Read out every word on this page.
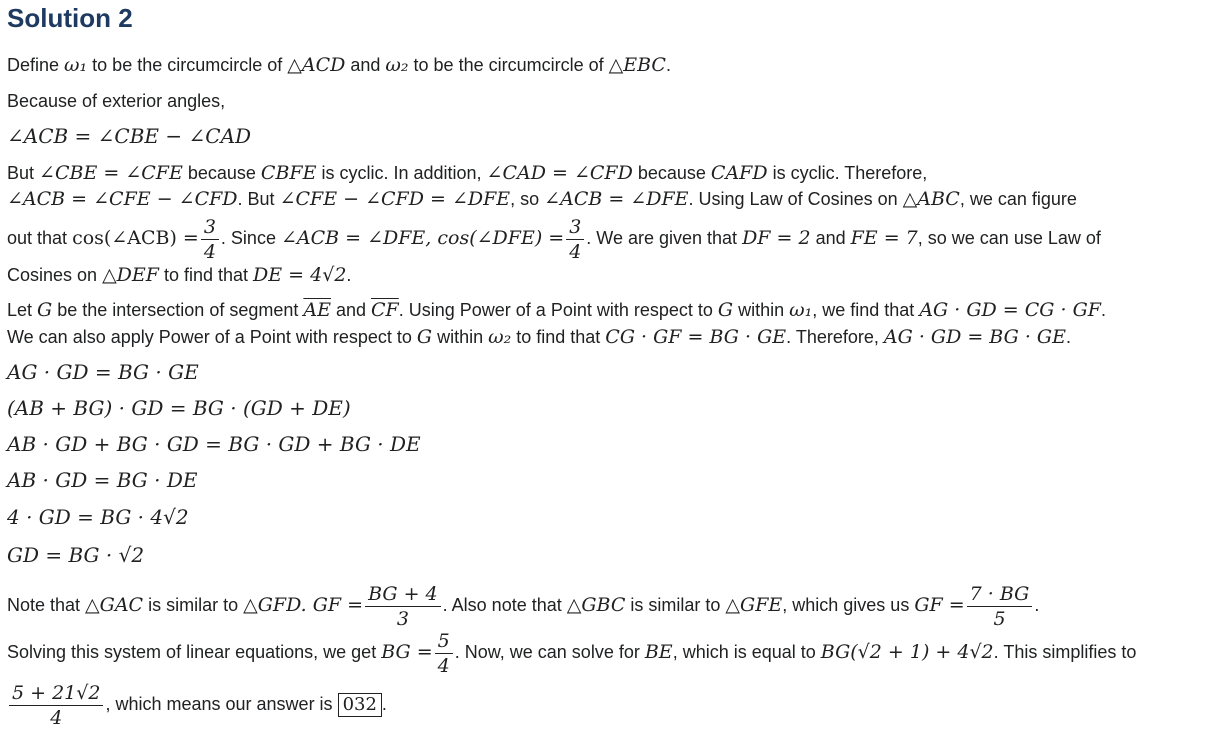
Solution 2
Define ω₁ to be the circumcircle of △ACD and ω₂ to be the circumcircle of △EBC.
Because of exterior angles,
∠ACB = ∠CBE − ∠CAD
But ∠CBE = ∠CFE because CBFE is cyclic. In addition, ∠CAD = ∠CFD because CAFD is cyclic. Therefore,
∠ACB = ∠CFE − ∠CFD. But ∠CFE − ∠CFD = ∠DFE, so ∠ACB = ∠DFE. Using Law of Cosines on △ABC, we can figure
out that cos(∠ACB) = $\frac{3}{4}$ . Since ∠ACB = ∠DFE, cos(∠DFE) = $\frac{3}{4}$ . We are given that DF = 2 and FE = 7, so we can use Law of
Cosines on △DEF to find that DE = 4√2.
Let G be the intersection of segment $\overline{AE}$ and $\overline{CF}$. Using Power of a Point with respect to G within ω₁, we find that AG · GD = CG · GF.
We can also apply Power of a Point with respect to G within ω₂ to find that CG · GF = BG · GE. Therefore, AG · GD = BG · GE.
AG · GD = BG · GE
(AB + BG) · GD = BG · (GD + DE)
AB · GD + BG · GD = BG · GD + BG · DE
AB · GD = BG · DE
4 · GD = BG · 4√2
GD = BG · √2
Note that △GAC is similar to △GFD. GF = $\frac{BG + 4}{3}$ . Also note that △GBC is similar to △GFE, which gives us GF = $\frac{7 \cdot BG}{5}$ .
Solving this system of linear equations, we get BG = $\frac{5}{4}$ . Now, we can solve for BE, which is equal to BG(√2 + 1) + 4√2. This simplifies to
$\frac{5 + 21√2}{4}$ , which means our answer is 032 .
